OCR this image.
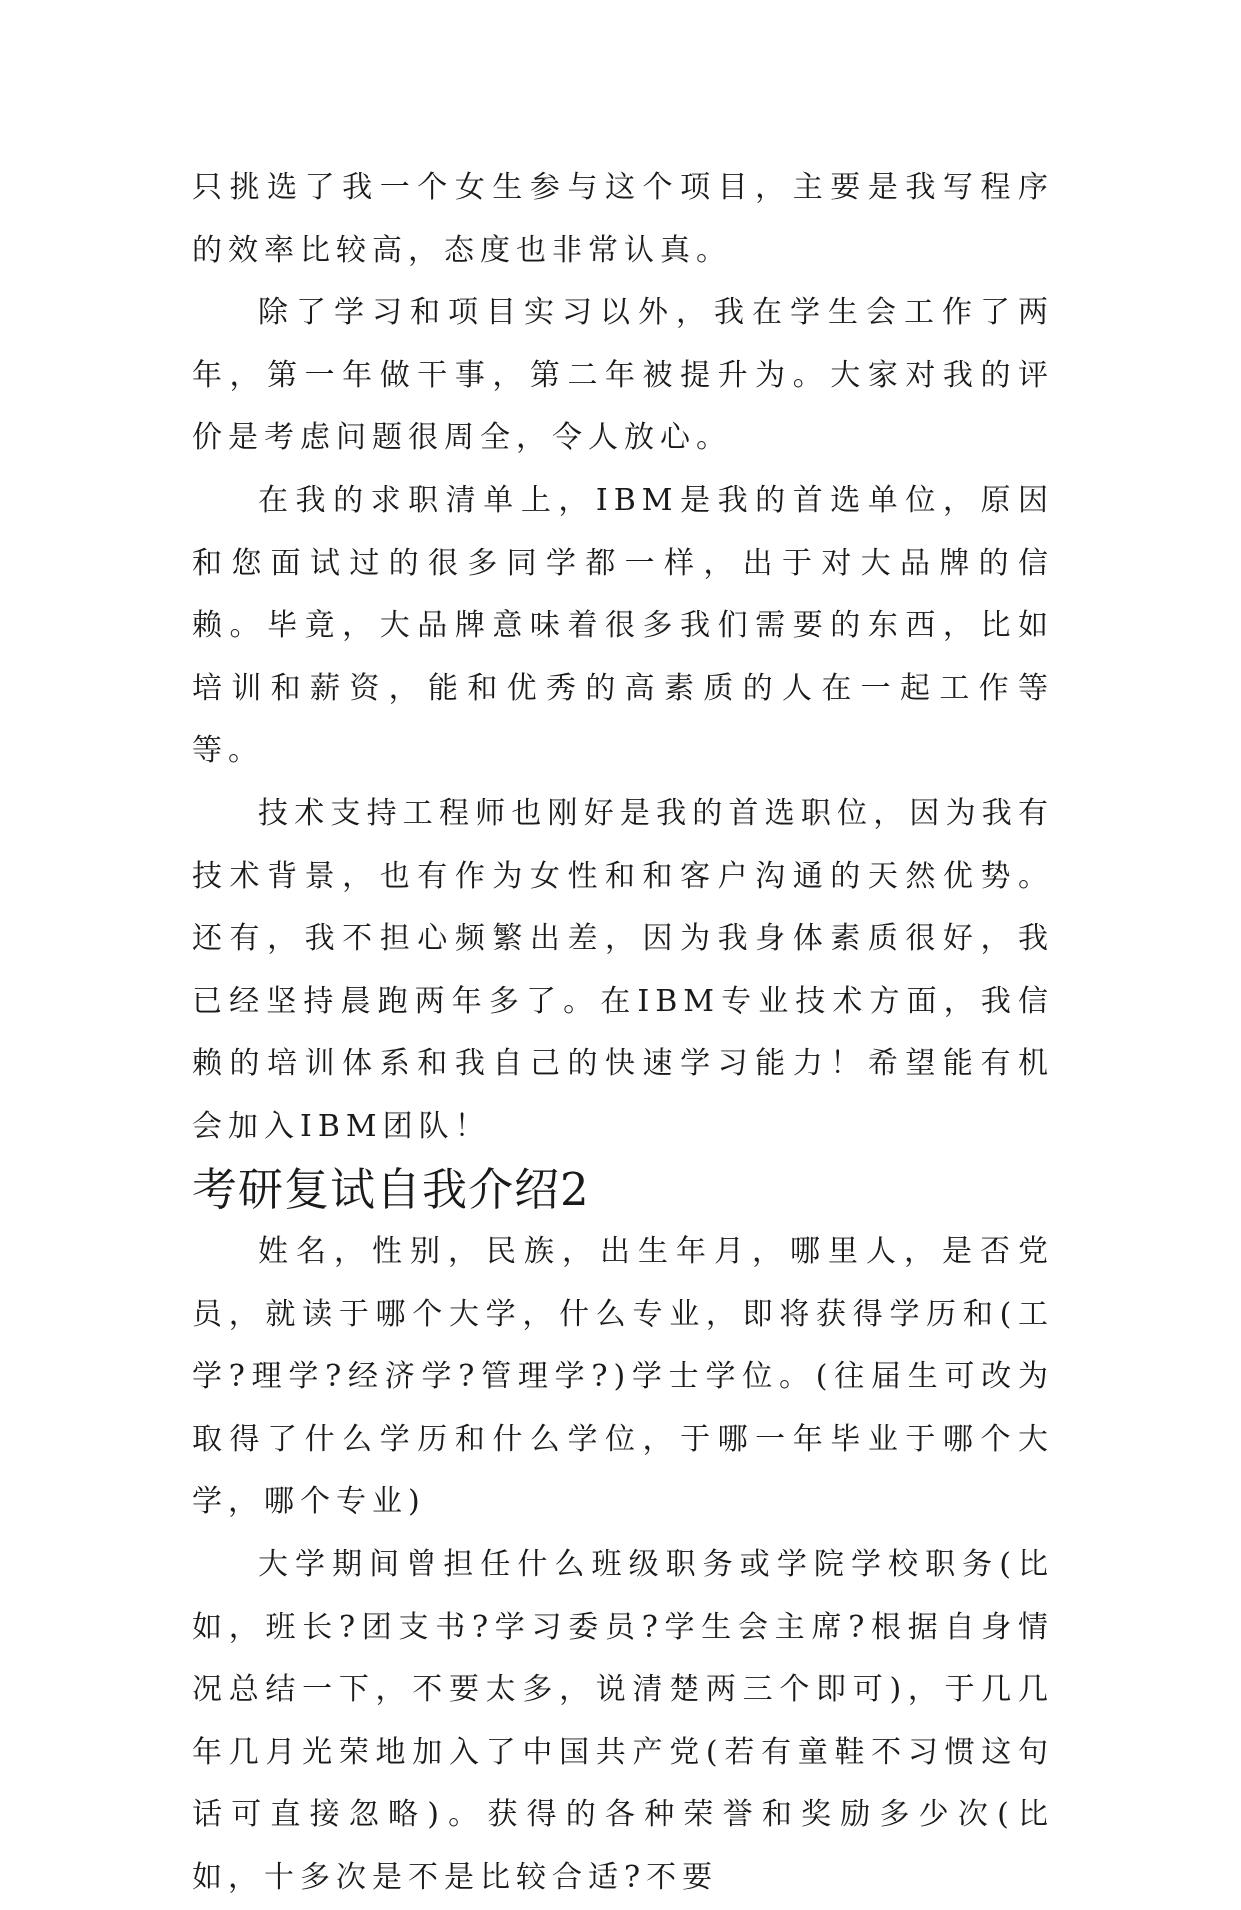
只挑选了我一个女生参与这个项目，主要是我写程序的效率比较高，态度也非常认真。

除了学习和项目实习以外，我在学生会工作了两年，第一年做干事，第二年被提升为。大家对我的评价是考虑问题很周全，令人放心。

在我的求职清单上，IBM是我的首选单位，原因和您面试过的很多同学都一样，出于对大品牌的信赖。毕竟，大品牌意味着很多我们需要的东西，比如培训和薪资，能和优秀的高素质的人在一起工作等等。

技术支持工程师也刚好是我的首选职位，因为我有技术背景，也有作为女性和和客户沟通的天然优势。还有，我不担心频繁出差，因为我身体素质很好，我已经坚持晨跑两年多了。在IBM专业技术方面，我信赖的培训体系和我自己的快速学习能力！希望能有机会加入IBM团队！

考研复试自我介绍2

姓名，性别，民族，出生年月，哪里人，是否党员，就读于哪个大学，什么专业，即将获得学历和(工学?理学?经济学?管理学?)学士学位。(往届生可改为取得了什么学历和什么学位，于哪一年毕业于哪个大学，哪个专业)

大学期间曾担任什么班级职务或学院学校职务(比如，班长?团支书?学习委员?学生会主席?根据自身情况总结一下，不要太多，说清楚两三个即可)，于几几年几月光荣地加入了中国共产党(若有童鞋不习惯这句话可直接忽略)。获得的各种荣誉和奖励多少次(比如，十多次是不是比较合适?不要
